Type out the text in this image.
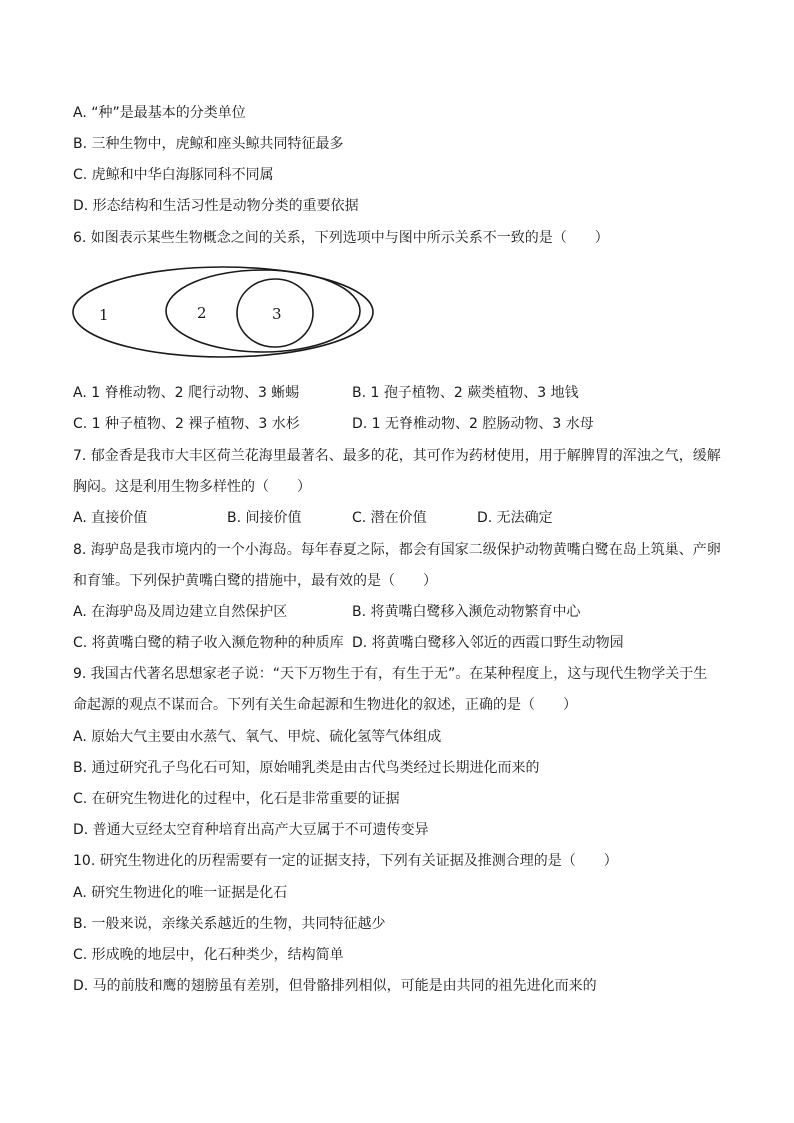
A. “种”是最基本的分类单位
B. 三种生物中，虎鲸和座头鲸共同特征最多
C. 虎鲸和中华白海豚同科不同属
D. 形态结构和生活习性是动物分类的重要依据
6. 如图表示某些生物概念之间的关系，下列选项中与图中所示关系不一致的是（　　）
1	2	3
A. 1 脊椎动物、2 爬行动物、3 蜥蜴	B. 1 孢子植物、2 蕨类植物、3 地钱
C. 1 种子植物、2 裸子植物、3 水杉	D. 1 无脊椎动物、2 腔肠动物、3 水母
7. 郁金香是我市大丰区荷兰花海里最著名、最多的花，其可作为药材使用，用于解脾胃的浑浊之气，缓解
胸闷。这是利用生物多样性的（　　）
A. 直接价值	B. 间接价值	C. 潜在价值	D. 无法确定
8. 海驴岛是我市境内的一个小海岛。每年春夏之际，都会有国家二级保护动物黄嘴白鹭在岛上筑巢、产卵
和育雏。下列保护黄嘴白鹭的措施中，最有效的是（　　）
A. 在海驴岛及周边建立自然保护区	B. 将黄嘴白鹭移入濒危动物繁育中心
C. 将黄嘴白鹭的精子收入濒危物种的种质库 D. 将黄嘴白鹭移入邻近的西霞口野生动物园
9. 我国古代著名思想家老子说：“天下万物生于有，有生于无”。在某种程度上，这与现代生物学关于生
命起源的观点不谋而合。下列有关生命起源和生物进化的叙述，正确的是（　　）
A. 原始大气主要由水蒸气、氧气、甲烷、硫化氢等气体组成
B. 通过研究孔子鸟化石可知，原始哺乳类是由古代鸟类经过长期进化而来的
C. 在研究生物进化的过程中，化石是非常重要的证据
D. 普通大豆经太空育种培育出高产大豆属于不可遗传变异
10. 研究生物进化的历程需要有一定的证据支持，下列有关证据及推测合理的是（　　）
A. 研究生物进化的唯一证据是化石
B. 一般来说，亲缘关系越近的生物，共同特征越少
C. 形成晚的地层中，化石种类少，结构简单
D. 马的前肢和鹰的翅膀虽有差别，但骨骼排列相似，可能是由共同的祖先进化而来的
